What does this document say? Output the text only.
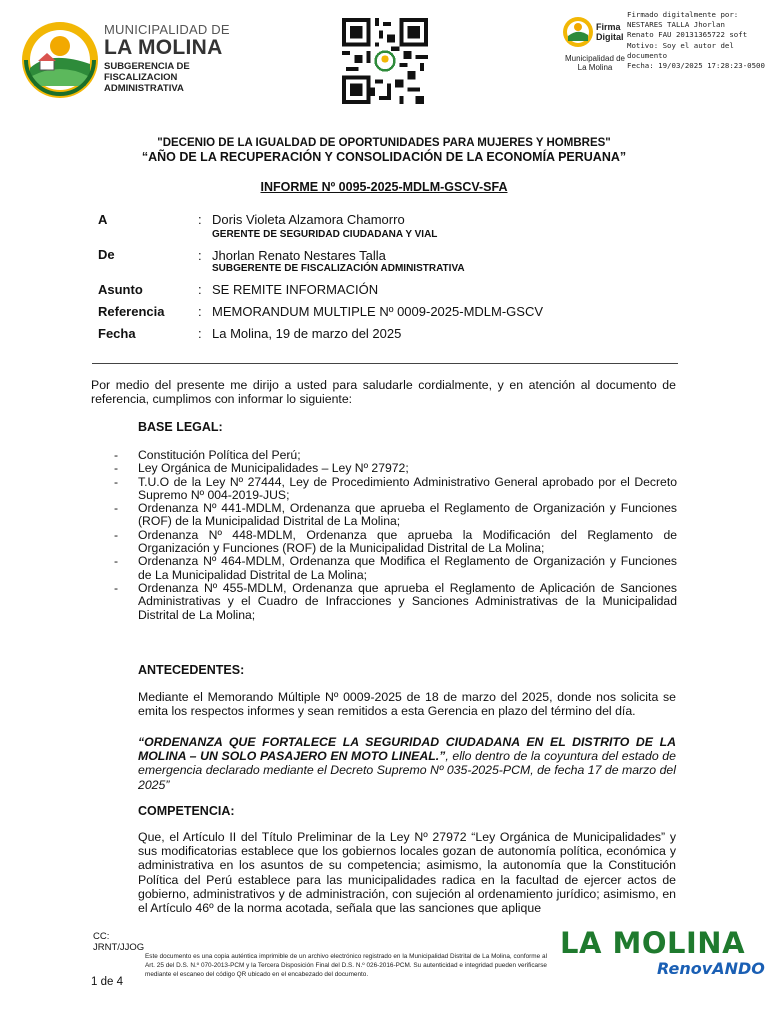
MUNICIPALIDAD DE
LA MOLINA
SUBGERENCIA DE
FISCALIZACION
ADMINISTRATIVA
Firma
Digital
Municipalidad de La Molina
Firmado digitalmente por:
NESTARES TALLA Jhorlan
Renato FAU 20131365722 soft
Motivo: Soy el autor del
documento
Fecha: 19/03/2025 17:28:23-0500
"DECENIO DE LA IGUALDAD DE OPORTUNIDADES PARA MUJERES Y HOMBRES"
“AÑO DE LA RECUPERACIÓN Y CONSOLIDACIÓN DE LA ECONOMÍA PERUANA”
INFORME Nº 0095-2025-MDLM-GSCV-SFA
A	: Doris Violeta Alzamora Chamorro
GERENTE DE SEGURIDAD CIUDADANA Y VIAL
De	: Jhorlan Renato Nestares Talla
SUBGERENTE DE FISCALIZACIÓN ADMINISTRATIVA
Asunto	: SE REMITE INFORMACIÓN
Referencia	: MEMORANDUM MULTIPLE Nº 0009-2025-MDLM-GSCV
Fecha	: La Molina, 19 de marzo del 2025
Por medio del presente me dirijo a usted para saludarle cordialmente, y en atención al documento de referencia, cumplimos con informar lo siguiente:
BASE LEGAL:
- Constitución Política del Perú;
- Ley Orgánica de Municipalidades – Ley Nº 27972;
- T.U.O de la Ley Nº 27444, Ley de Procedimiento Administrativo General aprobado por el Decreto Supremo Nº 004-2019-JUS;
- Ordenanza Nº 441-MDLM, Ordenanza que aprueba el Reglamento de Organización y Funciones (ROF) de la Municipalidad Distrital de La Molina;
- Ordenanza Nº 448-MDLM, Ordenanza que aprueba la Modificación del Reglamento de Organización y Funciones (ROF) de la Municipalidad Distrital de La Molina;
- Ordenanza Nº 464-MDLM, Ordenanza que Modifica el Reglamento de Organización y Funciones de La Municipalidad Distrital de La Molina;
- Ordenanza Nº 455-MDLM, Ordenanza que aprueba el Reglamento de Aplicación de Sanciones Administrativas y el Cuadro de Infracciones y Sanciones Administrativas de la Municipalidad Distrital de La Molina;
ANTECEDENTES:
Mediante el Memorando Múltiple Nº 0009-2025 de 18 de marzo del 2025, donde nos solicita se emita los respectos informes y sean remitidos a esta Gerencia en plazo del término del día.
“ORDENANZA QUE FORTALECE LA SEGURIDAD CIUDADANA EN EL DISTRITO DE LA MOLINA – UN SOLO PASAJERO EN MOTO LINEAL.”, ello dentro de la coyuntura del estado de emergencia declarado mediante el Decreto Supremo Nº 035-2025-PCM, de fecha 17 de marzo del 2025”
COMPETENCIA:
Que, el Artículo II del Título Preliminar de la Ley Nº 27972 “Ley Orgánica de Municipalidades” y sus modificatorias establece que los gobiernos locales gozan de autonomía política, económica y administrativa en los asuntos de su competencia; asimismo, la autonomía que la Constitución Política del Perú establece para las municipalidades radica en la facultad de ejercer actos de gobierno, administrativos y de administración, con sujeción al ordenamiento jurídico; asimismo, en el Artículo 46º de la norma acotada, señala que las sanciones que aplique
CC:
JRNT/JJOG
1 de 4
Este documento es una copia auténtica imprimible de un archivo electrónico registrado en la Municipalidad Distrital de La Molina, conforme al Art. 25 del D.S. N.º 070-2013-PCM y la Tercera Disposición Final del D.S. N.º 026-2016-PCM. Su autenticidad e integridad pueden verificarse mediante el escaneo del código QR ubicado en el encabezado del documento.
LA MOLINA
RenovANDO
